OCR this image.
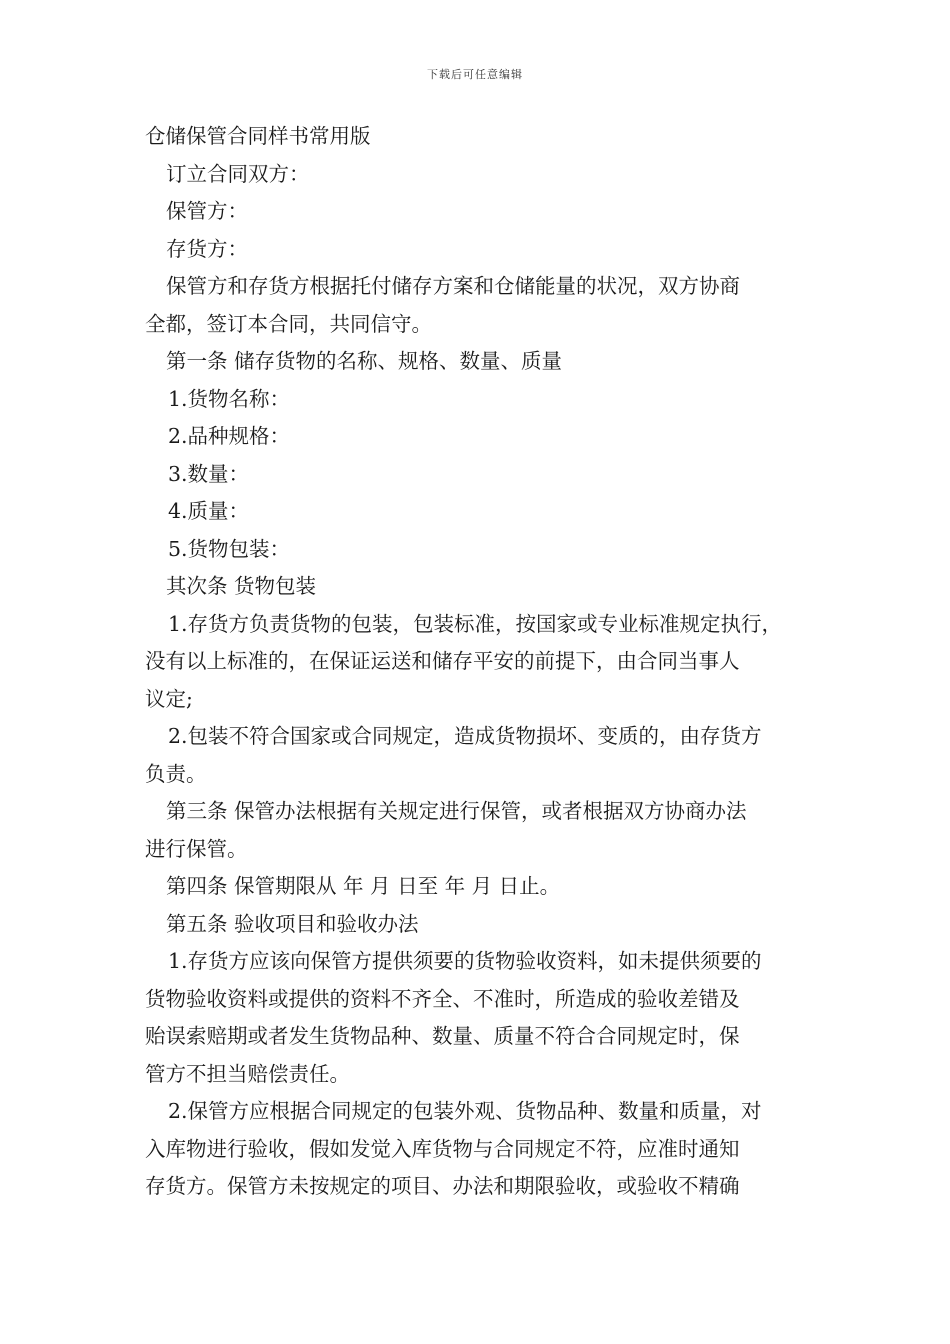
下载后可任意编辑
仓储保管合同样书常用版
订立合同双方：
保管方：
存货方：
保管方和存货方根据托付储存方案和仓储能量的状况，双方协商
全都，签订本合同，共同信守。
第一条 储存货物的名称、规格、数量、质量
1.货物名称：
2.品种规格：
3.数量：
4.质量：
5.货物包装：
其次条 货物包装
1.存货方负责货物的包装，包装标准，按国家或专业标准规定执行，
没有以上标准的，在保证运送和储存平安的前提下，由合同当事人
议定;
2.包装不符合国家或合同规定，造成货物损坏、变质的，由存货方
负责。
第三条 保管办法根据有关规定进行保管，或者根据双方协商办法
进行保管。
第四条 保管期限从 年 月 日至 年 月 日止。
第五条 验收项目和验收办法
1.存货方应该向保管方提供须要的货物验收资料，如未提供须要的
货物验收资料或提供的资料不齐全、不准时，所造成的验收差错及
贻误索赔期或者发生货物品种、数量、质量不符合合同规定时，保
管方不担当赔偿责任。
2.保管方应根据合同规定的包装外观、货物品种、数量和质量，对
入库物进行验收，假如发觉入库货物与合同规定不符，应准时通知
存货方。保管方未按规定的项目、办法和期限验收，或验收不精确
